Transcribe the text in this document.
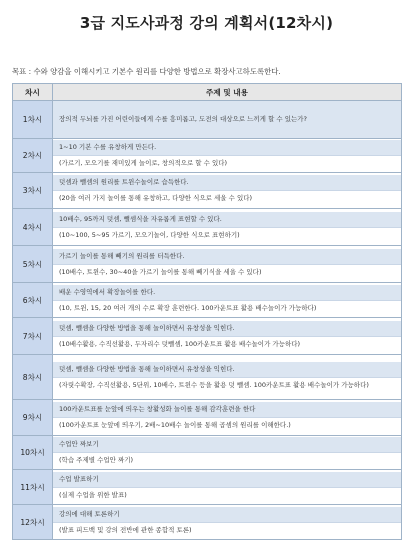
3급 지도사과정 강의 계획서(12차시)
목표 : 수와 양감을 이해시키고 기본수 원리를 다양한 방법으로 확장사고하도록한다.
차시	주제 및 내용
1차시	장의적 두뇌를 가진 어린이들에게 수를 흥미롭고, 도전의 대상으로 느끼게 할 수 있는가?

2차시	1~10 기본 수를 유창하게 만든다.
(가르기, 모으기를 재미있게 놀이로, 창의적으로 할 수 있다)

3차시	덧셈과 뺄셈의 원리를 트윈수놀이로 습득한다.
(20을 여러 가지 놀이를 통해 유창하고, 다양한 식으로 세울 수 있다)

4차시	10배수, 95까지 덧셈, 뺄셈식을 자유롭게 표현할 수 있다.
(10~100, 5~95 가르기, 모으기놀이, 다양한 식으로 표현하기)

5차시	가르기 놀이를 통해 빼기의 원리를 터득한다.
(10배수, 트윈수, 30~40을 가르기 놀이를 통해 빼기식을 세울 수 있다)

6차시	배운 수영역에서 확장놀이를 한다.
(10, 트윈, 15, 20 여러 개의 수로 확장 훈련한다. 100카운트표 활용 배수놀이가 가능하다)

7차시	덧셈, 뺄셈을 다양한 방법을 통해 놀이하면서 유창성을 익힌다.
(10배수활용, 수직선활용, 두자리수 덧뺄셈, 100카운트표 활용 배수놀이가 가능하다)

8차시	덧셈, 뺄셈을 다양한 방법을 통해 놀이하면서 유창성을 익힌다.
(자릿수확장, 수직선활용, 5단위, 10배수, 트윈수 등을 활용 덧 뺄셈. 100카운트표 활용 배수놀이가 가능하다)

9차시	100카운트표를 눈앞에 띄우는 창활성화 놀이를 통해 감각훈련을 한다
(100카운트표 눈앞에 띄우기, 2배~10배수 놀이를 통해 곱셈의 원리를 이해한다.)

10차시	수업안 짜보기
(학습 주제별 수업안 짜기)

11차시	수업 발표하기
(실제 수업을 위한 발표)

12차시	강의에 대해 토론하기
(발표 피드백 및 강의 전반에 관한 종합적 토론)
